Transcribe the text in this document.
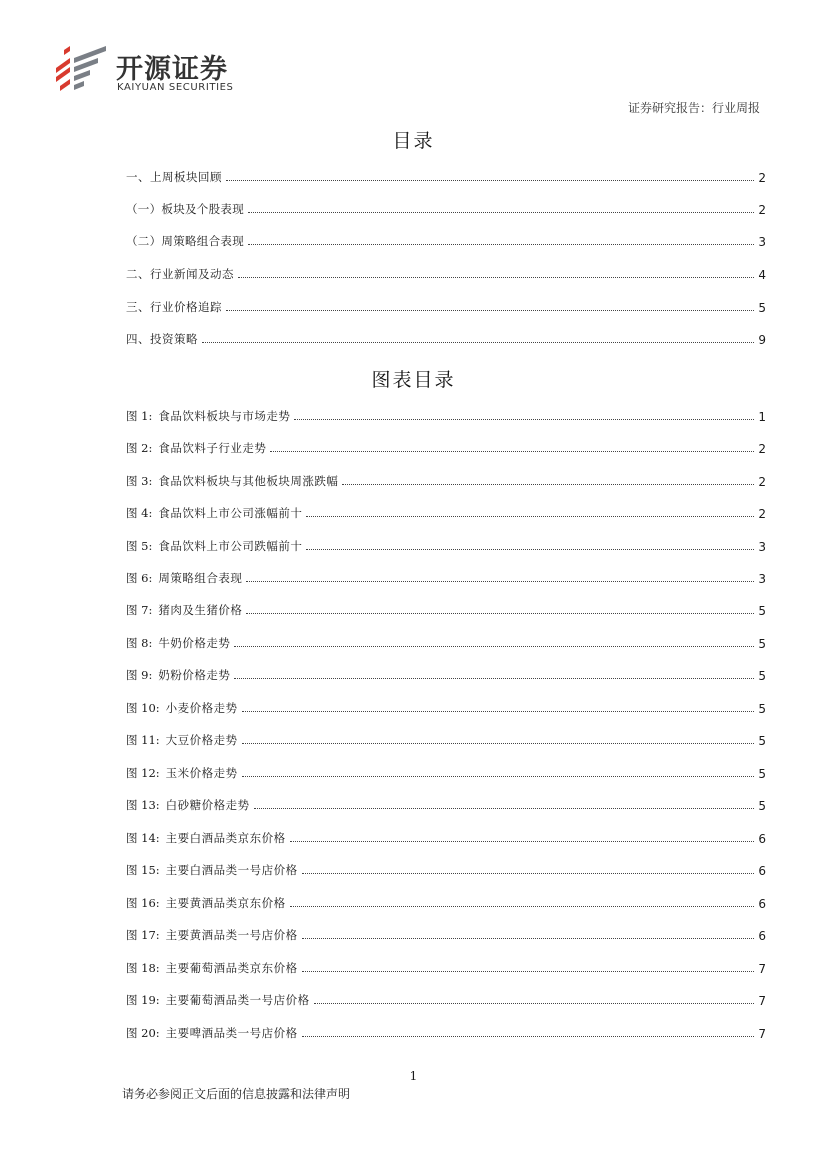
开源证券
KAIYUAN SECURITIES
证券研究报告：行业周报
目录
一、上周板块回顾	2
（一）板块及个股表现	2
（二）周策略组合表现	3
二、行业新闻及动态	4
三、行业价格追踪	5
四、投资策略	9
图表目录
图 1: 食品饮料板块与市场走势	1
图 2: 食品饮料子行业走势	2
图 3: 食品饮料板块与其他板块周涨跌幅	2
图 4: 食品饮料上市公司涨幅前十	2
图 5: 食品饮料上市公司跌幅前十	3
图 6: 周策略组合表现	3
图 7: 猪肉及生猪价格	5
图 8: 牛奶价格走势	5
图 9: 奶粉价格走势	5
图 10: 小麦价格走势	5
图 11: 大豆价格走势	5
图 12: 玉米价格走势	5
图 13: 白砂糖价格走势	5
图 14: 主要白酒品类京东价格	6
图 15: 主要白酒品类一号店价格	6
图 16: 主要黄酒品类京东价格	6
图 17: 主要黄酒品类一号店价格	6
图 18: 主要葡萄酒品类京东价格	7
图 19: 主要葡萄酒品类一号店价格	7
图 20: 主要啤酒品类一号店价格	7
1
请务必参阅正文后面的信息披露和法律声明
